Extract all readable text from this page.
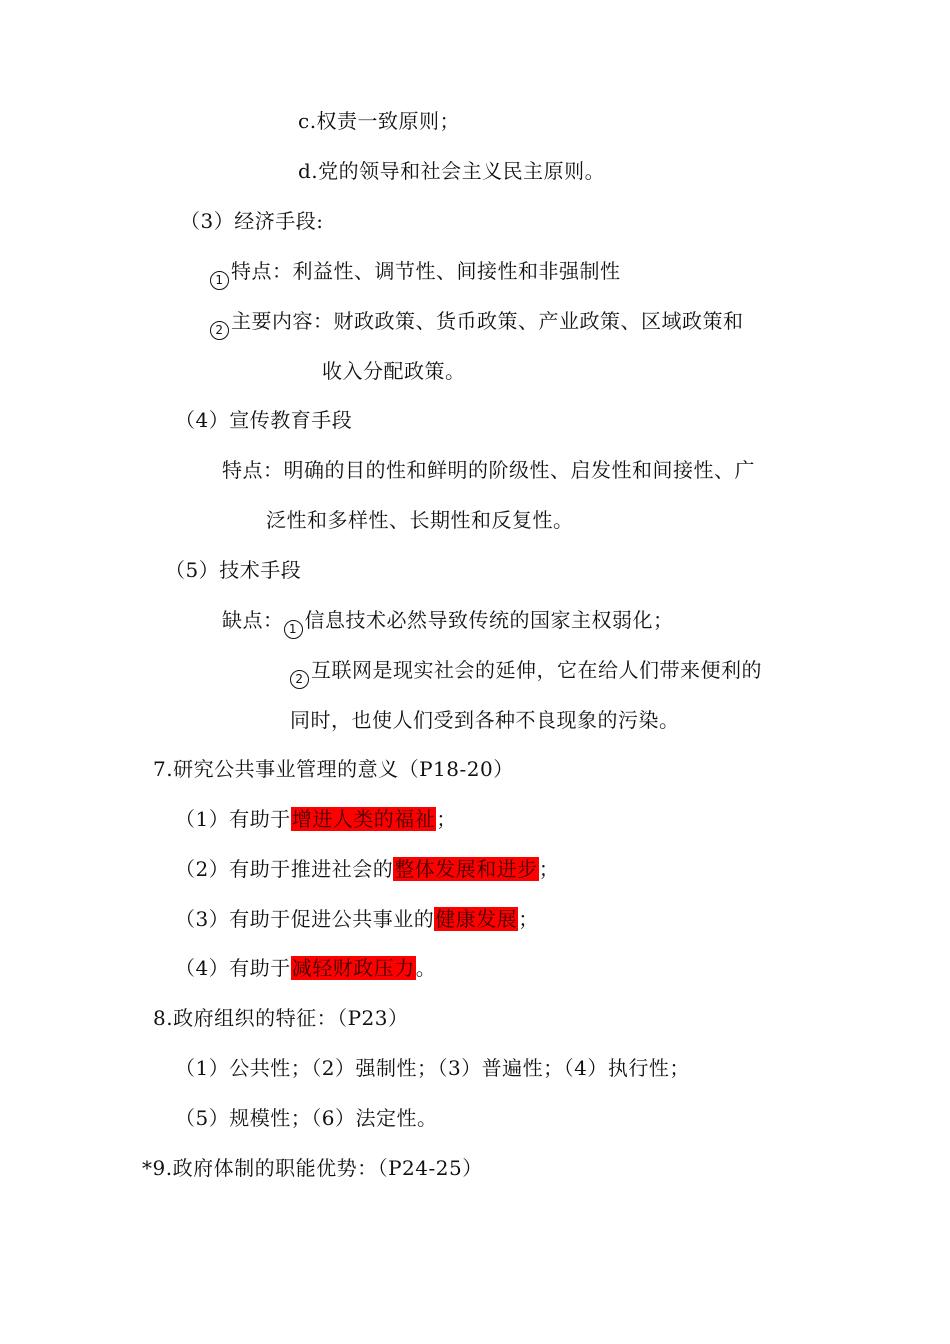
c.权责一致原则；
d.党的领导和社会主义民主原则。
（3）经济手段:
1 特点：利益性、调节性、间接性和非强制性
2 主要内容：财政政策、货币政策、产业政策、区域政策和
收入分配政策。
（4）宣传教育手段
特点：明确的目的性和鲜明的阶级性、启发性和间接性、广
泛性和多样性、长期性和反复性。
（5）技术手段
缺点： 1 信息技术必然导致传统的国家主权弱化；
2 互联网是现实社会的延伸，它在给人们带来便利的
同时，也使人们受到各种不良现象的污染。
7.研究公共事业管理的意义（P18-20）
（1）有助于增进人类的福祉；
（2）有助于推进社会的整体发展和进步；
（3）有助于促进公共事业的健康发展；
（4）有助于减轻财政压力。
8.政府组织的特征：（P23）
（1）公共性；（2）强制性；（3）普遍性；（4）执行性；
（5）规模性；（6）法定性。
*9.政府体制的职能优势：（P24-25）
